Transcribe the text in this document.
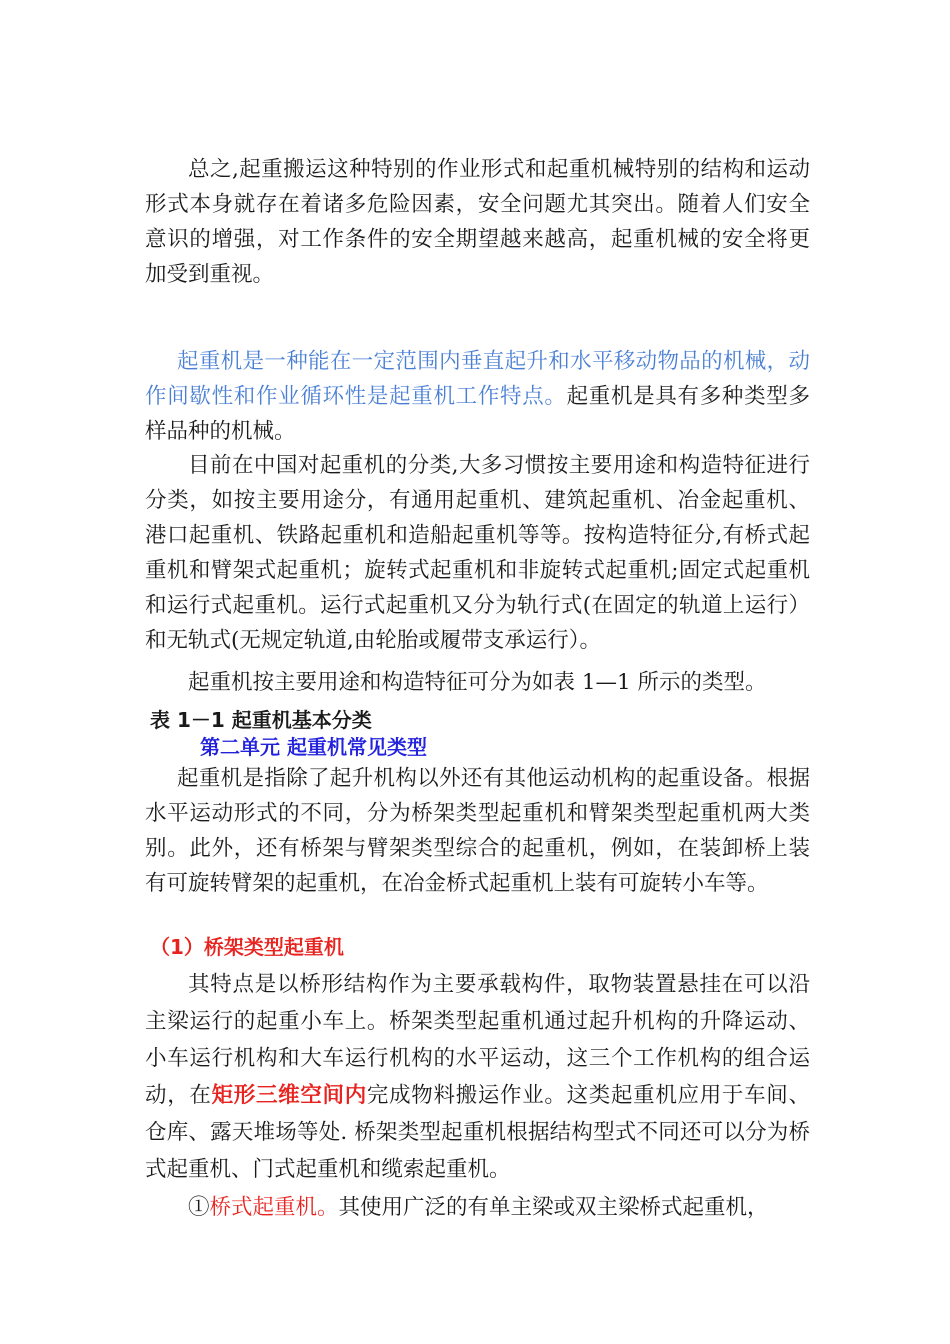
总之,起重搬运这种特别的作业形式和起重机械特别的结构和运动形式本身就存在着诸多危险因素，安全问题尤其突出。随着人们安全意识的增强，对工作条件的安全期望越来越高，起重机械的安全将更加受到重视。

起重机是一种能在一定范围内垂直起升和水平移动物品的机械，动作间歇性和作业循环性是起重机工作特点。起重机是具有多种类型多样品种的机械。

目前在中国对起重机的分类,大多习惯按主要用途和构造特征进行分类，如按主要用途分，有通用起重机、建筑起重机、冶金起重机、港口起重机、铁路起重机和造船起重机等等。按构造特征分,有桥式起重机和臂架式起重机；旋转式起重机和非旋转式起重机;固定式起重机和运行式起重机。运行式起重机又分为轨行式(在固定的轨道上运行）和无轨式(无规定轨道,由轮胎或履带支承运行）。

起重机按主要用途和构造特征可分为如表 1—1 所示的类型。

表 1－1 起重机基本分类

第二单元 起重机常见类型

起重机是指除了起升机构以外还有其他运动机构的起重设备。根据水平运动形式的不同，分为桥架类型起重机和臂架类型起重机两大类别。此外，还有桥架与臂架类型综合的起重机，例如，在装卸桥上装有可旋转臂架的起重机，在冶金桥式起重机上装有可旋转小车等。

（1）桥架类型起重机

其特点是以桥形结构作为主要承载构件，取物装置悬挂在可以沿主梁运行的起重小车上。桥架类型起重机通过起升机构的升降运动、小车运行机构和大车运行机构的水平运动，这三个工作机构的组合运动，在矩形三维空间内完成物料搬运作业。这类起重机应用于车间、仓库、露天堆场等处. 桥架类型起重机根据结构型式不同还可以分为桥式起重机、门式起重机和缆索起重机。

①桥式起重机。其使用广泛的有单主梁或双主梁桥式起重机，
